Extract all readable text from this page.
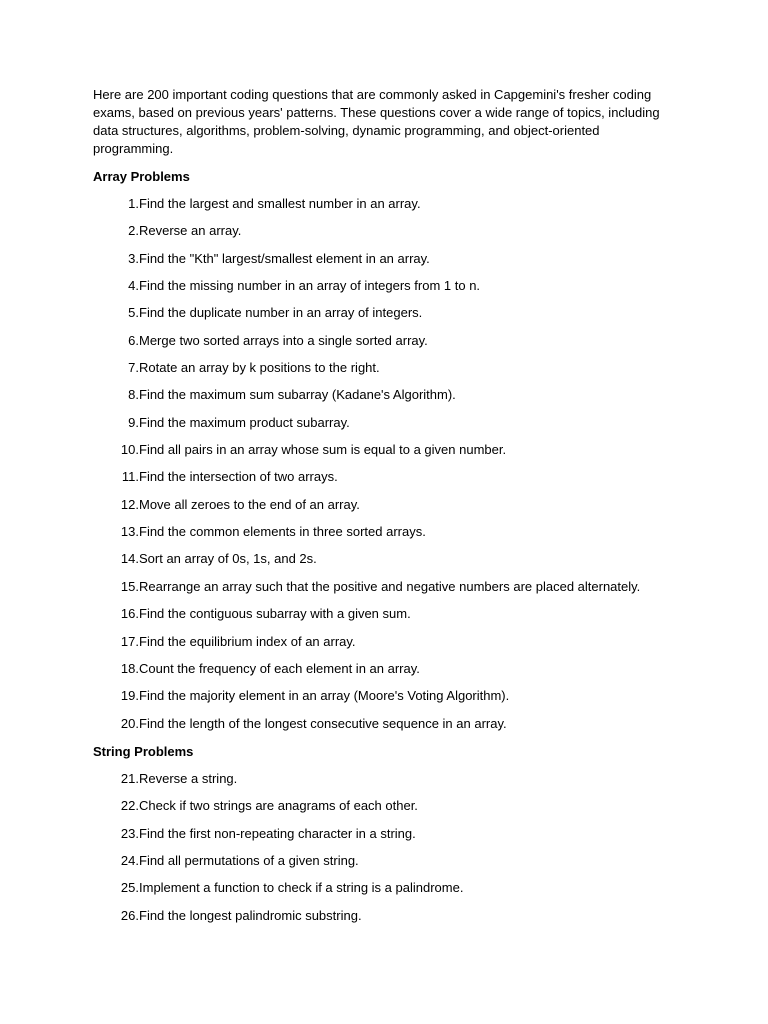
Here are 200 important coding questions that are commonly asked in Capgemini's fresher coding exams, based on previous years' patterns. These questions cover a wide range of topics, including data structures, algorithms, problem-solving, dynamic programming, and object-oriented programming.

Array Problems
1. Find the largest and smallest number in an array.
2. Reverse an array.
3. Find the "Kth" largest/smallest element in an array.
4. Find the missing number in an array of integers from 1 to n.
5. Find the duplicate number in an array of integers.
6. Merge two sorted arrays into a single sorted array.
7. Rotate an array by k positions to the right.
8. Find the maximum sum subarray (Kadane's Algorithm).
9. Find the maximum product subarray.
10. Find all pairs in an array whose sum is equal to a given number.
11. Find the intersection of two arrays.
12. Move all zeroes to the end of an array.
13. Find the common elements in three sorted arrays.
14. Sort an array of 0s, 1s, and 2s.
15. Rearrange an array such that the positive and negative numbers are placed alternately.
16. Find the contiguous subarray with a given sum.
17. Find the equilibrium index of an array.
18. Count the frequency of each element in an array.
19. Find the majority element in an array (Moore's Voting Algorithm).
20. Find the length of the longest consecutive sequence in an array.
String Problems
21. Reverse a string.
22. Check if two strings are anagrams of each other.
23. Find the first non-repeating character in a string.
24. Find all permutations of a given string.
25. Implement a function to check if a string is a palindrome.
26. Find the longest palindromic substring.
